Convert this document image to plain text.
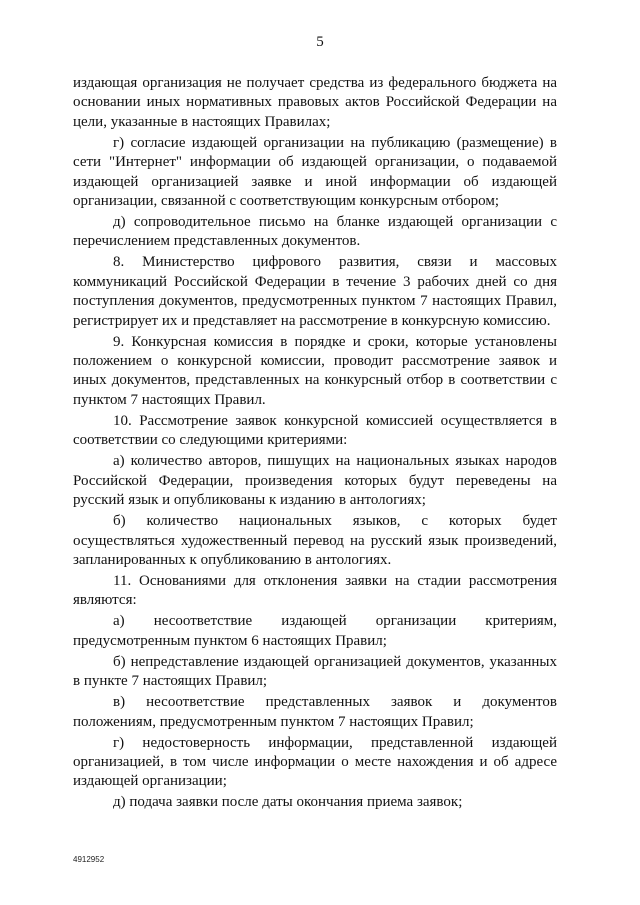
5

издающая организация не получает средства из федерального бюджета на основании иных нормативных правовых актов Российской Федерации на цели, указанные в настоящих Правилах;

г) согласие издающей организации на публикацию (размещение) в сети "Интернет" информации об издающей организации, о подаваемой издающей организацией заявке и иной информации об издающей организации, связанной с соответствующим конкурсным отбором;

д) сопроводительное письмо на бланке издающей организации с перечислением представленных документов.

8. Министерство цифрового развития, связи и массовых коммуникаций Российской Федерации в течение 3 рабочих дней со дня поступления документов, предусмотренных пунктом 7 настоящих Правил, регистрирует их и представляет на рассмотрение в конкурсную комиссию.

9. Конкурсная комиссия в порядке и сроки, которые установлены положением о конкурсной комиссии, проводит рассмотрение заявок и иных документов, представленных на конкурсный отбор в соответствии с пунктом 7 настоящих Правил.

10. Рассмотрение заявок конкурсной комиссией осуществляется в соответствии со следующими критериями:

а) количество авторов, пишущих на национальных языках народов Российской Федерации, произведения которых будут переведены на русский язык и опубликованы к изданию в антологиях;

б) количество национальных языков, с которых будет осуществляться художественный перевод на русский язык произведений, запланированных к опубликованию в антологиях.

11. Основаниями для отклонения заявки на стадии рассмотрения являются:

а) несоответствие издающей организации критериям, предусмотренным пунктом 6 настоящих Правил;

б) непредставление издающей организацией документов, указанных в пункте 7 настоящих Правил;

в) несоответствие представленных заявок и документов положениям, предусмотренным пунктом 7 настоящих Правил;

г) недостоверность информации, представленной издающей организацией, в том числе информации о месте нахождения и об адресе издающей организации;

д) подача заявки после даты окончания приема заявок;

4912952
